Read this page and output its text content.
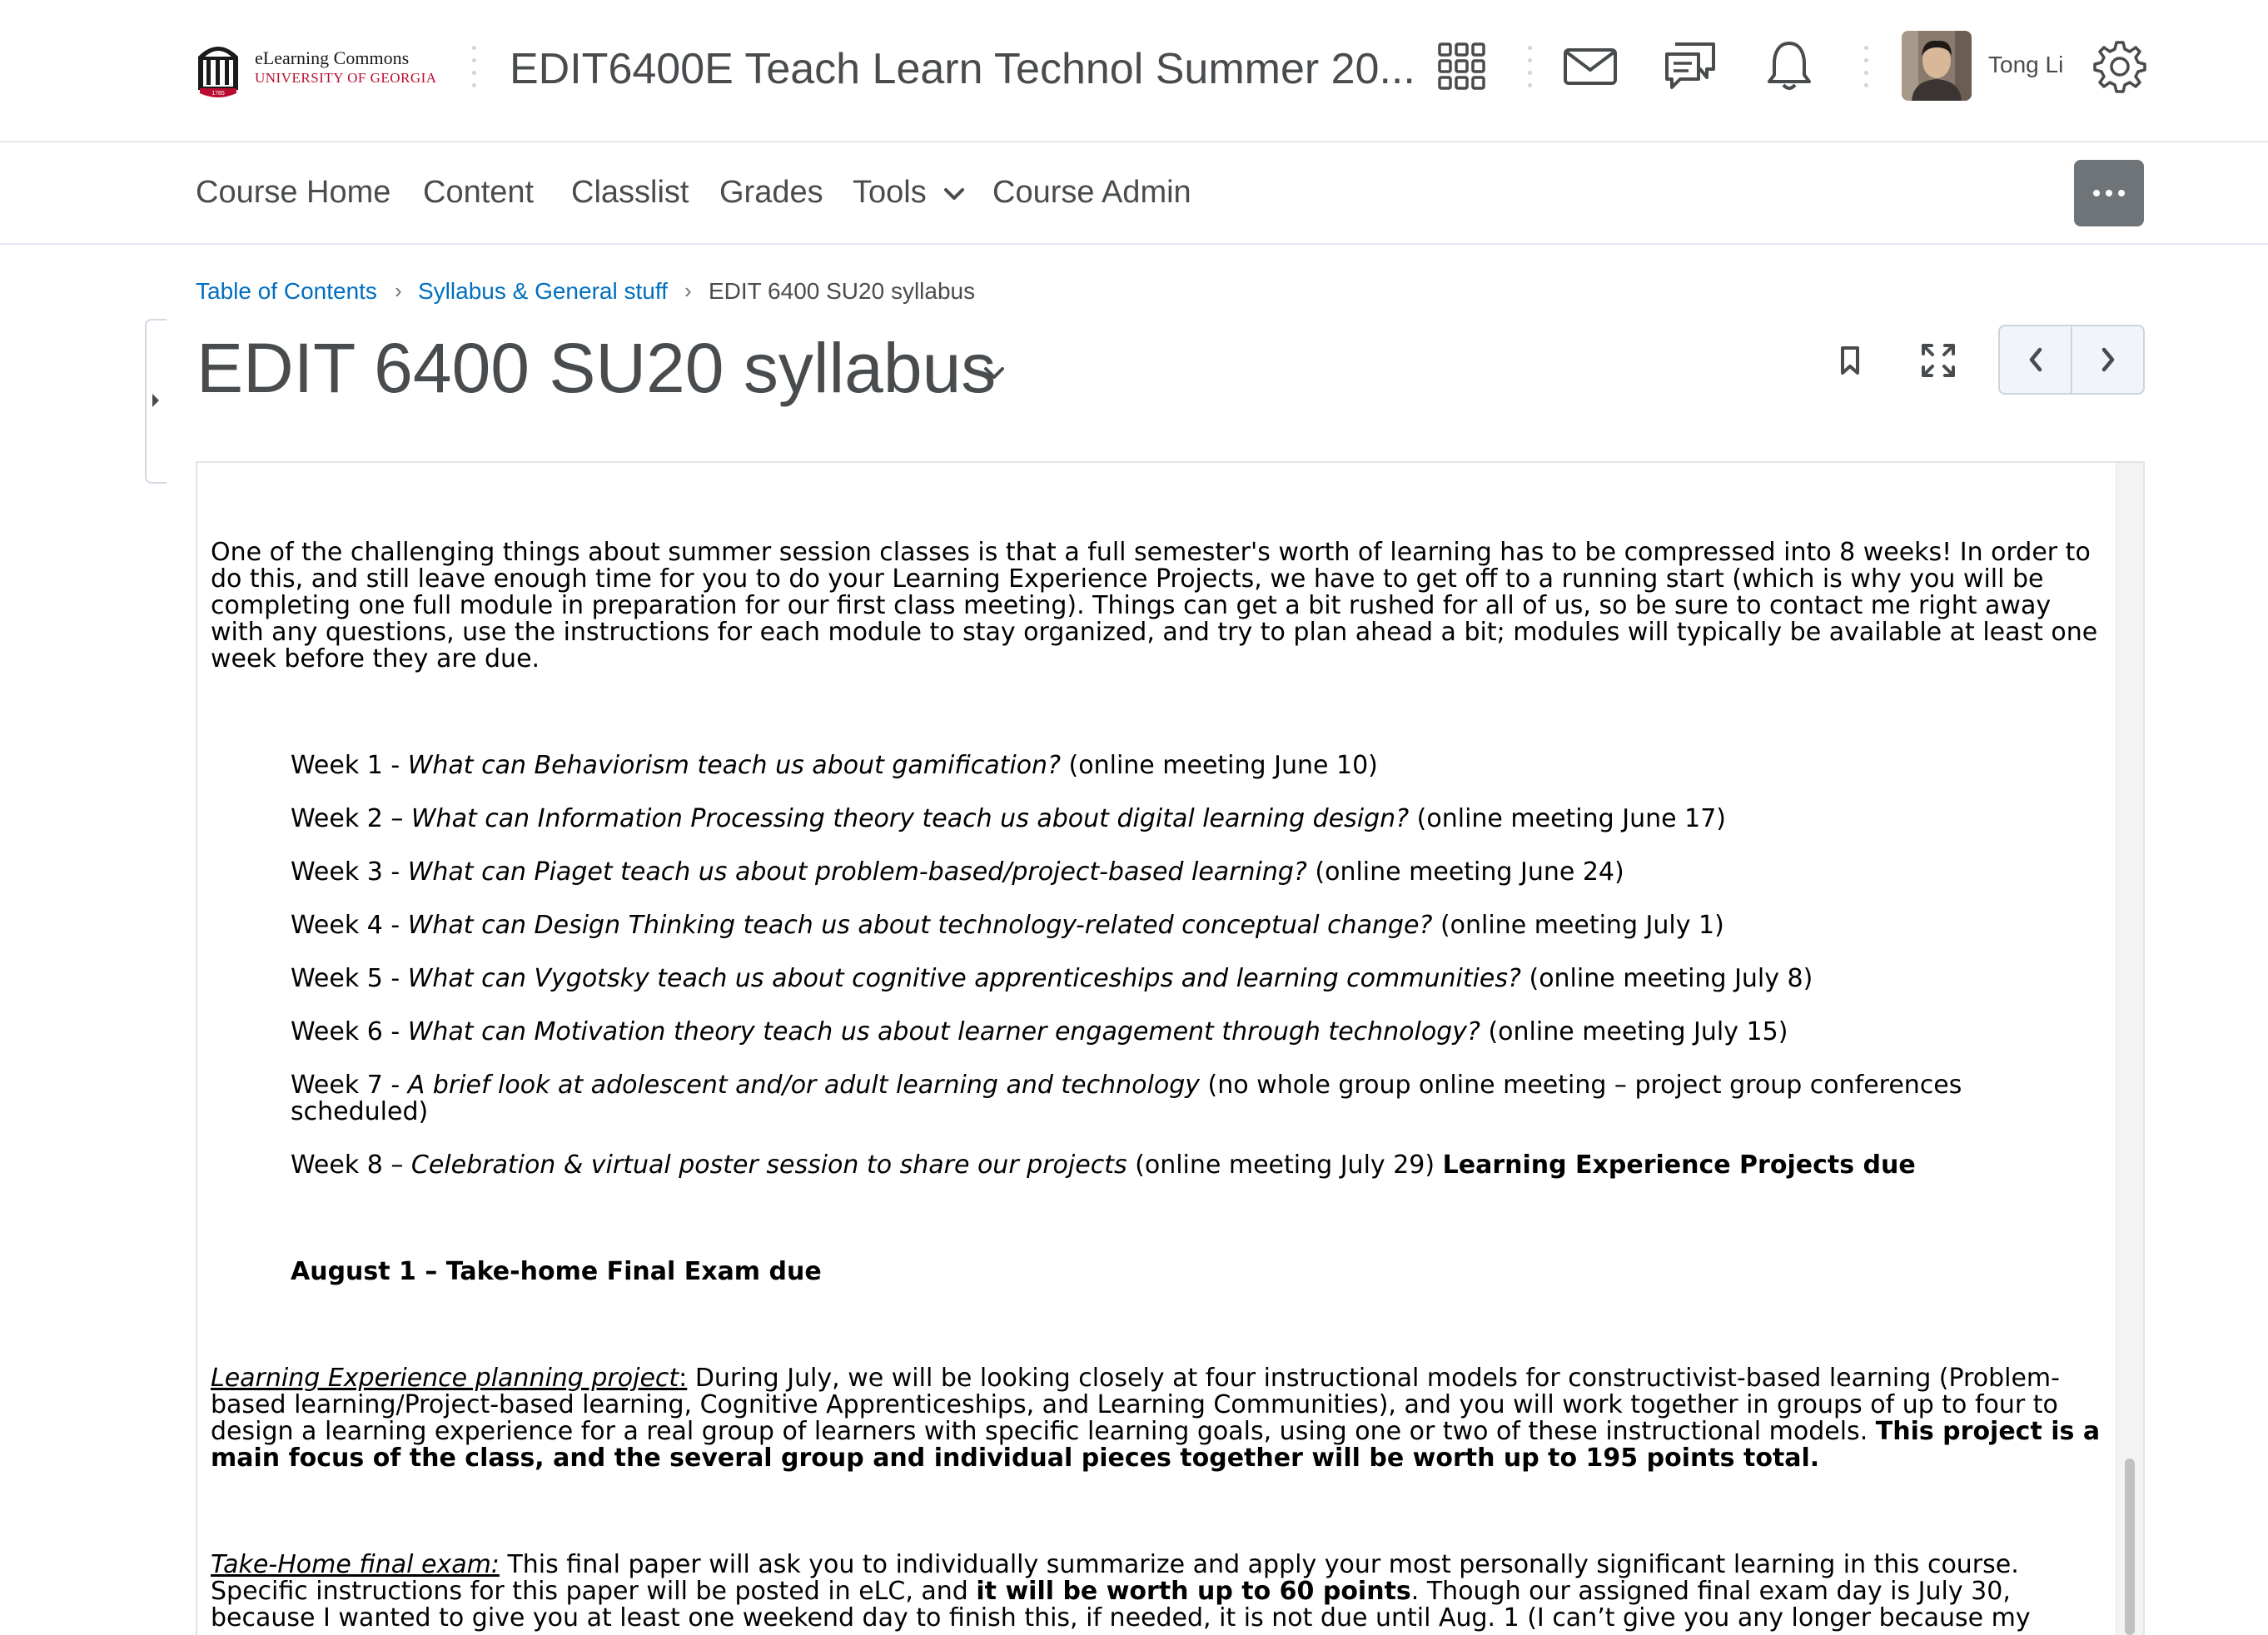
1785
eLearning Commons
UNIVERSITY OF GEORGIA EDIT6400E Teach Learn Technol Summer 20...	Tong Li
Course Home Content Classlist Grades Tools	Course Admin
Table of Contents › Syllabus & General stuff › EDIT 6400 SU20 syllabus
EDIT 6400 SU20 syllabus
One of the challenging things about summer session classes is that a full semester's worth of learning has to be compressed into 8 weeks! In order to do this, and still leave enough time for you to do your Learning Experience Projects, we have to get off to a running start (which is why you will be completing one full module in preparation for our first class meeting). Things can get a bit rushed for all of us, so be sure to contact me right away with any questions, use the instructions for each module to stay organized, and try to plan ahead a bit; modules will typically be available at least one week before they are due.
Week 1 - What can Behaviorism teach us about gamification? (online meeting June 10)
Week 2 – What can Information Processing theory teach us about digital learning design? (online meeting June 17)
Week 3 - What can Piaget teach us about problem-based/project-based learning? (online meeting June 24)
Week 4 - What can Design Thinking teach us about technology-related conceptual change? (online meeting July 1)
Week 5 - What can Vygotsky teach us about cognitive apprenticeships and learning communities? (online meeting July 8)
Week 6 - What can Motivation theory teach us about learner engagement through technology? (online meeting July 15)
Week 7 - A brief look at adolescent and/or adult learning and technology (no whole group online meeting – project group conferences scheduled)
Week 8 – Celebration & virtual poster session to share our projects (online meeting July 29) Learning Experience Projects due
August 1 – Take-home Final Exam due
Learning Experience planning project: During July, we will be looking closely at four instructional models for constructivist-based learning (Problem-based learning/Project-based learning, Cognitive Apprenticeships, and Learning Communities), and you will work together in groups of up to four to design a learning experience for a real group of learners with specific learning goals, using one or two of these instructional models. This project is a main focus of the class, and the several group and individual pieces together will be worth up to 195 points total.
Take-Home final exam: This final paper will ask you to individually summarize and apply your most personally significant learning in this course. Specific instructions for this paper will be posted in eLC, and it will be worth up to 60 points. Though our assigned final exam day is July 30, because I wanted to give you at least one weekend day to finish this, if needed, it is not due until Aug. 1 (I can’t give you any longer because my
